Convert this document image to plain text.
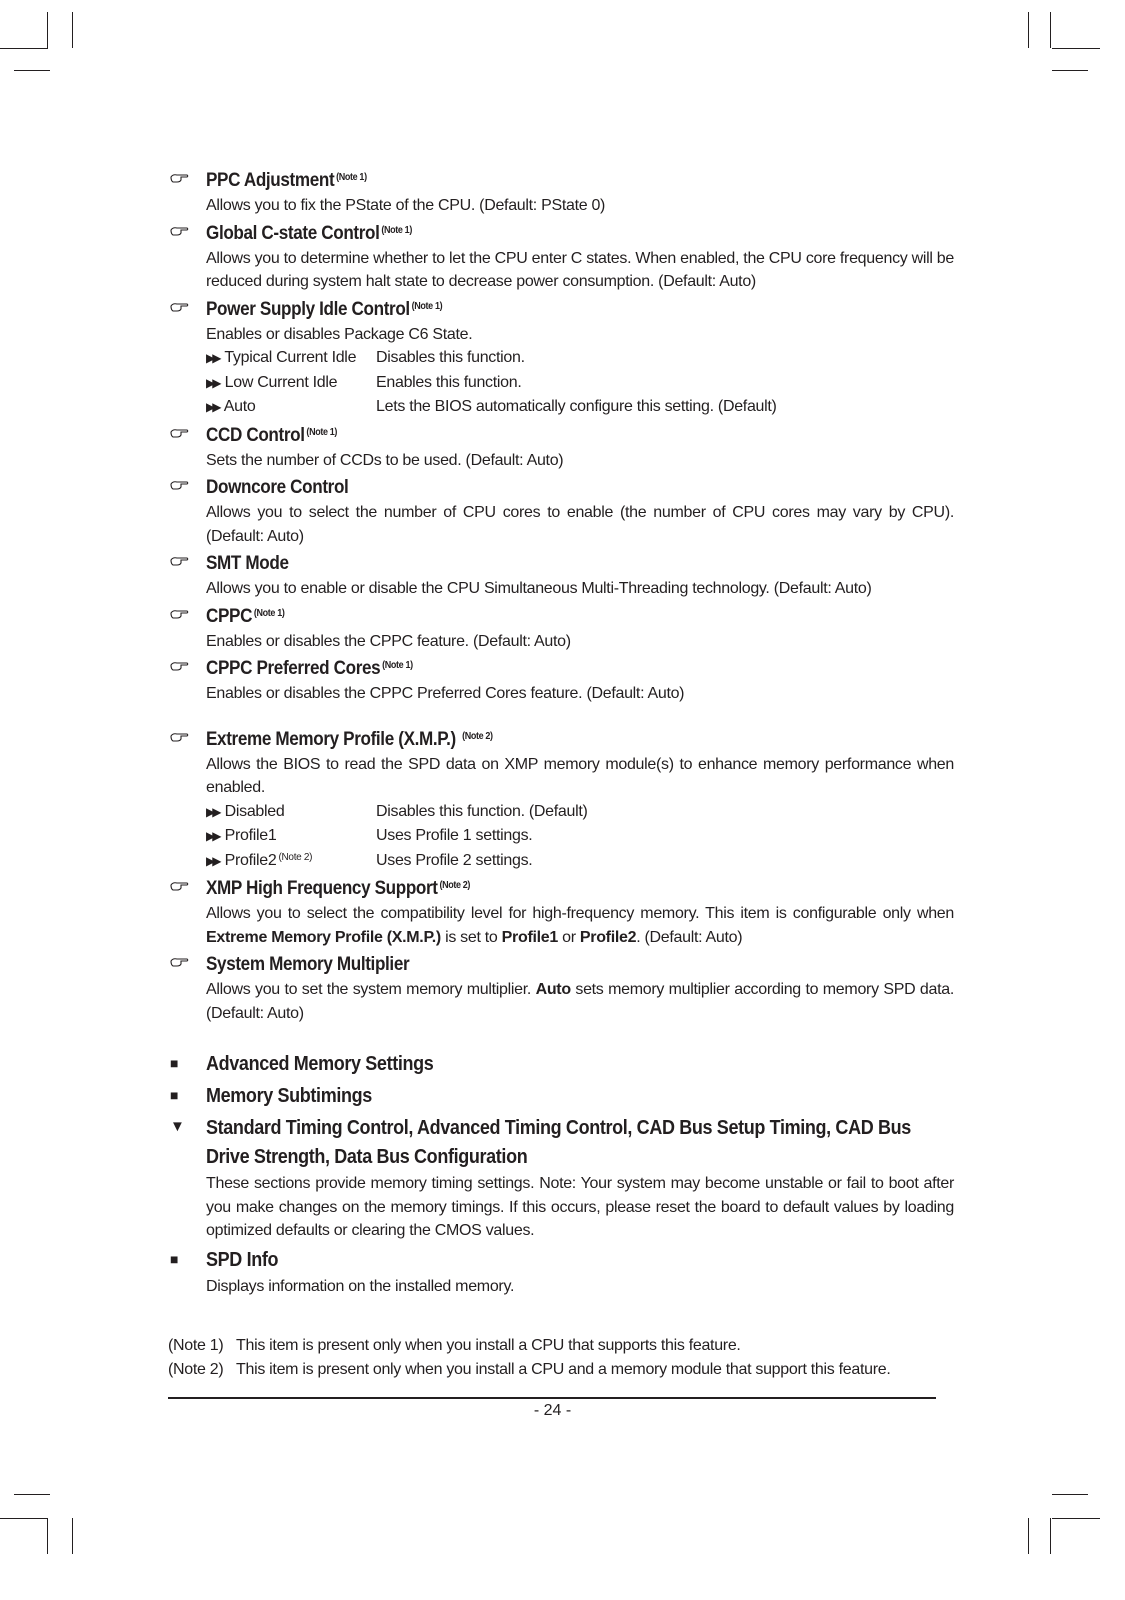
PPC Adjustment $^{(Note 1)}$

Allows you to fix the PState of the CPU. (Default: PState 0)

Global C-state Control $^{(Note 1)}$

Allows you to determine whether to let the CPU enter C states. When enabled, the CPU core frequency will be reduced during system halt state to decrease power consumption. (Default: Auto)

Power Supply Idle Control $^{(Note 1)}$

Enables or disables Package C6 State.

▶▶ Typical Current Idle	Disables this function.
▶▶ Low Current Idle	Enables this function.
▶▶ Auto	Lets the BIOS automatically configure this setting. (Default)
CCD Control $^{(Note 1)}$

Sets the number of CCDs to be used. (Default: Auto)

Downcore Control

Allows you to select the number of CPU cores to enable (the number of CPU cores may vary by CPU). (Default: Auto)

SMT Mode

Allows you to enable or disable the CPU Simultaneous Multi-Threading technology. (Default: Auto)

CPPC $^{(Note 1)}$

Enables or disables the CPPC feature. (Default: Auto)

CPPC Preferred Cores $^{(Note 1)}$

Enables or disables the CPPC Preferred Cores feature. (Default: Auto)

Extreme Memory Profile (X.M.P.) $^{(Note 2)}$

Allows the BIOS to read the SPD data on XMP memory module(s) to enhance memory performance when enabled.

▶▶ Disabled	Disables this function. (Default)
▶▶ Profile1	Uses Profile 1 settings.
▶▶ Profile2 $^{(Note 2)}$	Uses Profile 2 settings.
XMP High Frequency Support $^{(Note 2)}$

Allows you to select the compatibility level for high-frequency memory. This item is configurable only when Extreme Memory Profile (X.M.P.) is set to Profile1 or Profile2. (Default: Auto)

System Memory Multiplier

Allows you to set the system memory multiplier. Auto sets memory multiplier according to memory SPD data. (Default: Auto)

■	Advanced Memory Settings
■	Memory Subtimings
▼ Standard Timing Control, Advanced Timing Control, CAD Bus Setup Timing, CAD Bus
Drive Strength, Data Bus Configuration

These sections provide memory timing settings. Note: Your system may become unstable or fail to boot after you make changes on the memory timings. If this occurs, please reset the board to default values by loading optimized defaults or clearing the CMOS values.

■	SPD Info

Displays information on the installed memory.

(Note 1) This item is present only when you install a CPU that supports this feature.
(Note 2) This item is present only when you install a CPU and a memory module that support this feature.
- 24 -
